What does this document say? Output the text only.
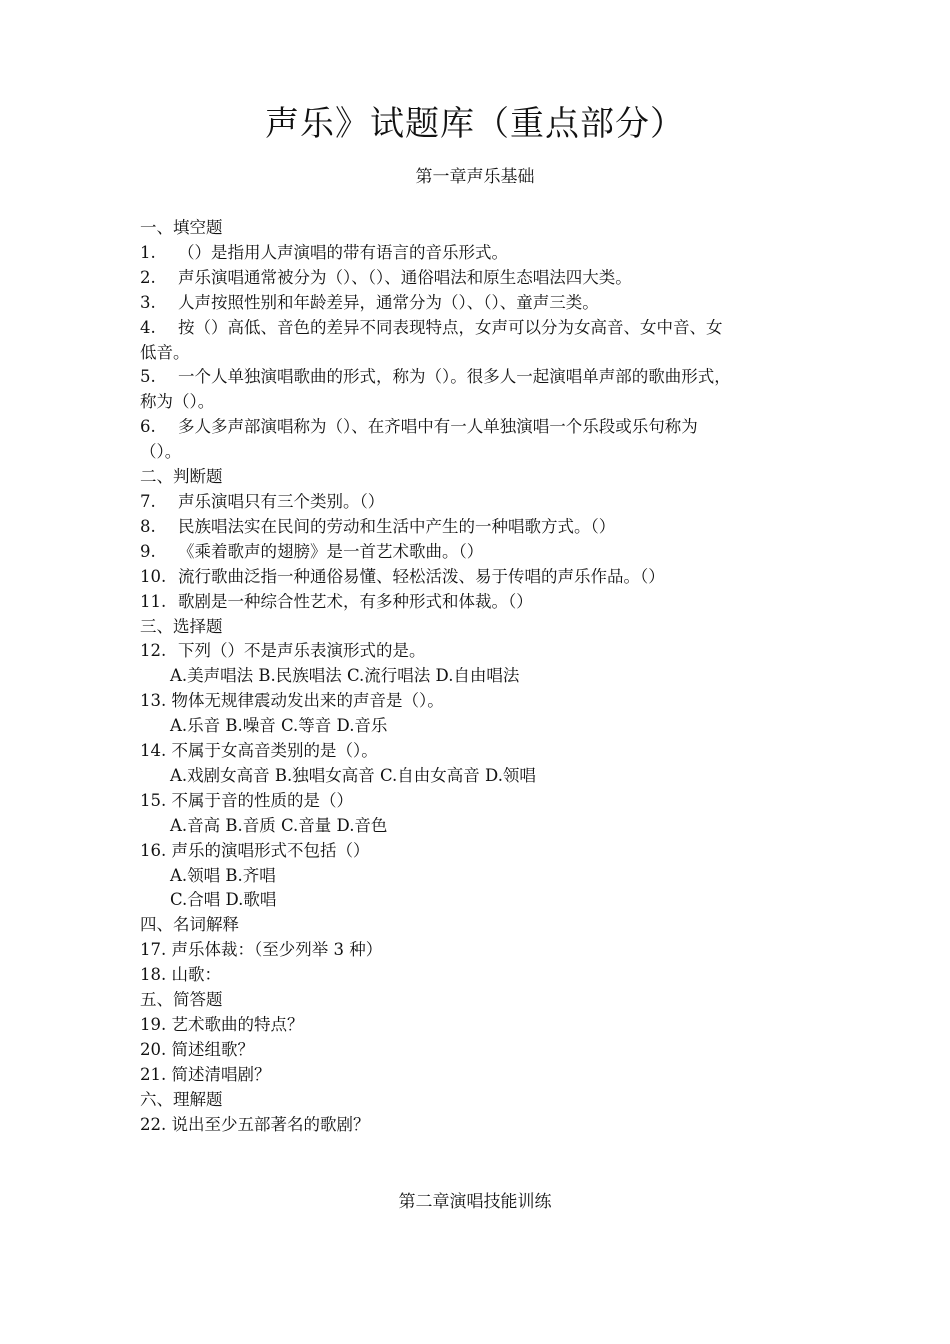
声乐》试题库（重点部分）
第一章声乐基础
一、填空题
1. （）是指用人声演唱的带有语言的音乐形式。
2. 声乐演唱通常被分为（）、（）、通俗唱法和原生态唱法四大类。
3. 人声按照性别和年龄差异，通常分为（）、（）、童声三类。
4. 按（）高低、音色的差异不同表现特点，女声可以分为女高音、女中音、女
低音。
5. 一个人单独演唱歌曲的形式，称为（）。很多人一起演唱单声部的歌曲形式，
称为（）。
6. 多人多声部演唱称为（）、在齐唱中有一人单独演唱一个乐段或乐句称为
（）。
二、判断题
7. 声乐演唱只有三个类别。（）
8. 民族唱法实在民间的劳动和生活中产生的一种唱歌方式。（）
9. 《乘着歌声的翅膀》是一首艺术歌曲。（）
10. 流行歌曲泛指一种通俗易懂、轻松活泼、易于传唱的声乐作品。（）
11. 歌剧是一种综合性艺术，有多种形式和体裁。（）
三、选择题
12. 下列（）不是声乐表演形式的是。
A.美声唱法 B.民族唱法 C.流行唱法 D.自由唱法
13. 物体无规律震动发出来的声音是（）。
A.乐音 B.噪音 C.等音 D.音乐
14. 不属于女高音类别的是（）。
A.戏剧女高音 B.独唱女高音 C.自由女高音 D.领唱
15. 不属于音的性质的是（）
A.音高 B.音质 C.音量 D.音色
16. 声乐的演唱形式不包括（）
A.领唱 B.齐唱
C.合唱 D.歌唱
四、名词解释
17. 声乐体裁：（至少列举 3 种）
18. 山歌：
五、简答题
19. 艺术歌曲的特点？
20. 简述组歌？
21. 简述清唱剧？
六、理解题
22. 说出至少五部著名的歌剧？
第二章演唱技能训练
